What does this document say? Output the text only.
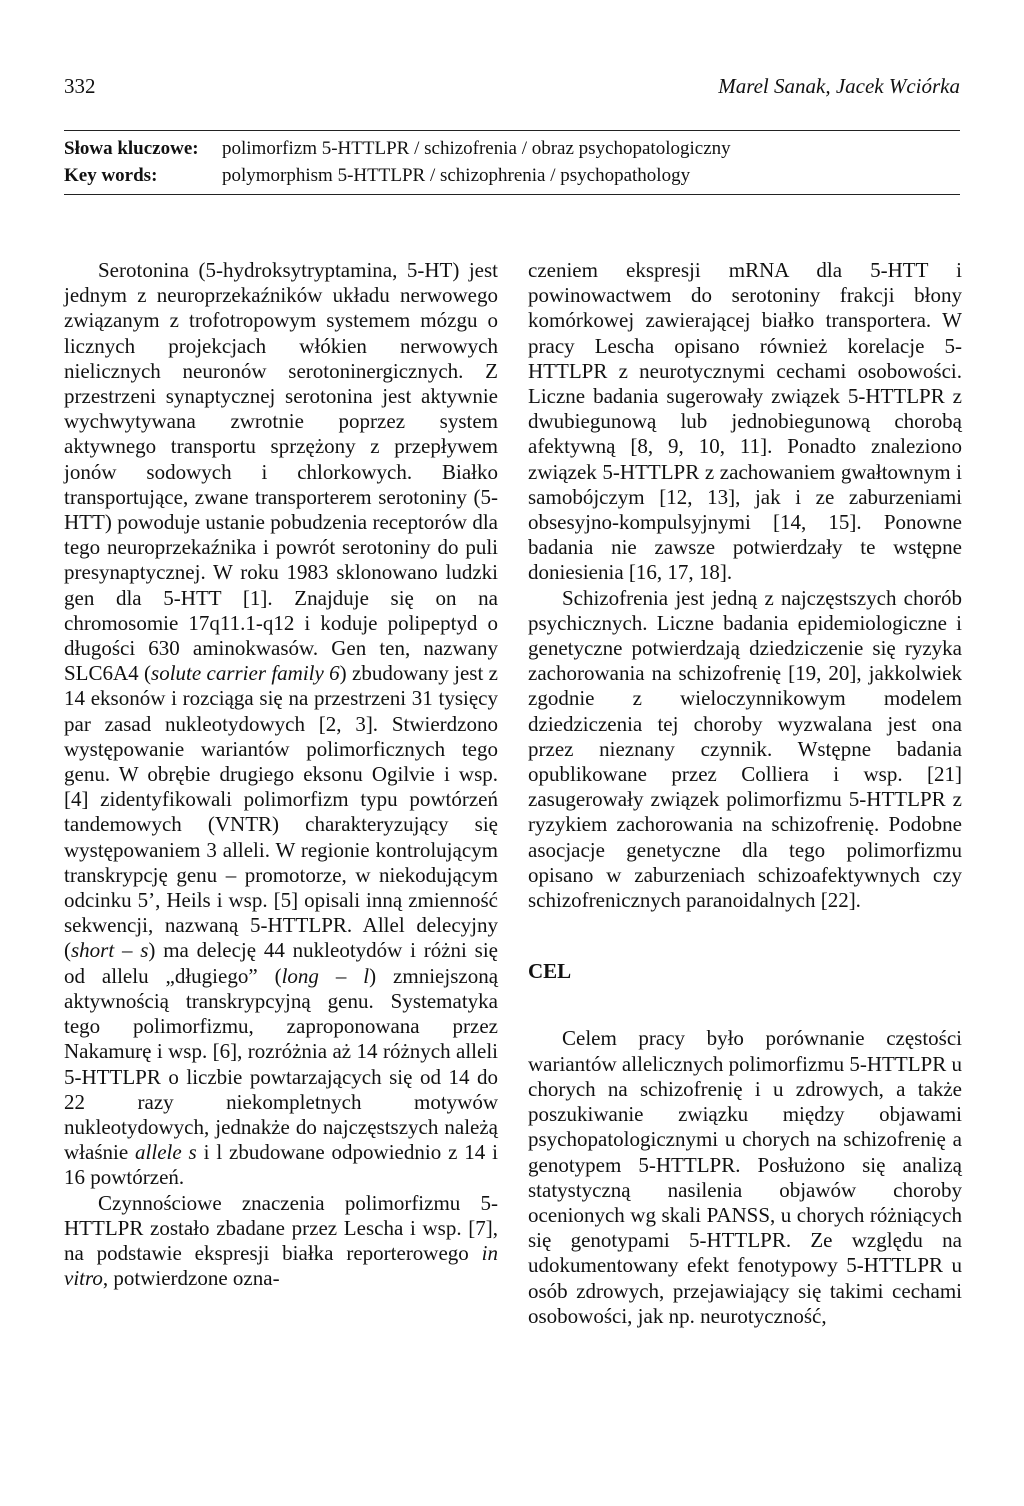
332	Marel Sanak, Jacek Wciórka
Słowa kluczowe: polimorfizm 5-HTTLPR / schizofrenia / obraz psychopatologiczny
Key words:	polymorphism 5-HTTLPR / schizophrenia / psychopathology

Serotonina (5-hydroksytryptamina, 5-HT) jest jednym z neuroprzekaźników układu nerwowego związanym z trofotropowym systemem mózgu o licznych projekcjach włókien nerwowych nielicznych neuronów serotoninergicznych. Z przestrzeni synaptycznej serotonina jest aktywnie wychwytywana zwrotnie poprzez system aktywnego transportu sprzężony z przepływem jonów sodowych i chlorkowych. Białko transportujące, zwane transporterem serotoniny (5-HTT) powoduje ustanie pobudzenia receptorów dla tego neuroprzekaźnika i powrót serotoniny do puli presynaptycznej. W roku 1983 sklonowano ludzki gen dla 5-HTT [1]. Znajduje się on na chromosomie 17q11.1-q12 i koduje polipeptyd o długości 630 aminokwasów. Gen ten, nazwany SLC6A4 (solute carrier family 6) zbudowany jest z 14 eksonów i rozciąga się na przestrzeni 31 tysięcy par zasad nukleotydowych [2, 3]. Stwierdzono występowanie wariantów polimorficznych tego genu. W obrębie drugiego eksonu Ogilvie i wsp. [4] zidentyfikowali polimorfizm typu powtórzeń tandemowych (VNTR) charakteryzujący się występowaniem 3 alleli. W regionie kontrolującym transkrypcję genu – promotorze, w niekodującym odcinku 5’, Heils i wsp. [5] opisali inną zmienność sekwencji, nazwaną 5-HTTLPR. Allel delecyjny (short – s) ma delecję 44 nukleotydów i różni się od allelu „długiego” (long – l) zmniejszoną aktywnością transkrypcyjną genu. Systematyka tego polimorfizmu, zaproponowana przez Nakamurę i wsp. [6], rozróżnia aż 14 różnych alleli 5-HTTLPR o liczbie powtarzających się od 14 do 22 razy niekompletnych motywów nukleotydowych, jednakże do najczęstszych należą właśnie allele s i l zbudowane odpowiednio z 14 i 16 powtórzeń.

Czynnościowe znaczenia polimorfizmu 5-HTTLPR zostało zbadane przez Lescha i wsp. [7], na podstawie ekspresji białka reporterowego in vitro, potwierdzone ozna-

czeniem ekspresji mRNA dla 5-HTT i powinowactwem do serotoniny frakcji błony komórkowej zawierającej białko transportera. W pracy Lescha opisano również korelacje 5-HTTLPR z neurotycznymi cechami osobowości. Liczne badania sugerowały związek 5-HTTLPR z dwubiegunową lub jednobiegunową chorobą afektywną [8, 9, 10, 11]. Ponadto znaleziono związek 5-HTTLPR z zachowaniem gwałtownym i samobójczym [12, 13], jak i ze zaburzeniami obsesyjno-kompulsyjnymi [14, 15]. Ponowne badania nie zawsze potwierdzały te wstępne doniesienia [16, 17, 18].

Schizofrenia jest jedną z najczęstszych chorób psychicznych. Liczne badania epidemiologiczne i genetyczne potwierdzają dziedziczenie się ryzyka zachorowania na schizofrenię [19, 20], jakkolwiek zgodnie z wieloczynnikowym modelem dziedziczenia tej choroby wyzwalana jest ona przez nieznany czynnik. Wstępne badania opublikowane przez Colliera i wsp. [21] zasugerowały związek polimorfizmu 5-HTTLPR z ryzykiem zachorowania na schizofrenię. Podobne asocjacje genetyczne dla tego polimorfizmu opisano w zaburzeniach schizoafektywnych czy schizofrenicznych paranoidalnych [22].

CEL

Celem pracy było porównanie częstości wariantów allelicznych polimorfizmu 5-HTTLPR u chorych na schizofrenię i u zdrowych, a także poszukiwanie związku między objawami psychopatologicznymi u chorych na schizofrenię a genotypem 5-HTTLPR. Posłużono się analizą statystyczną nasilenia objawów choroby ocenionych wg skali PANSS, u chorych różniących się genotypami 5-HTTLPR. Ze względu na udokumentowany efekt fenotypowy 5-HTTLPR u osób zdrowych, przejawiający się takimi cechami osobowości, jak np. neurotyczność,
